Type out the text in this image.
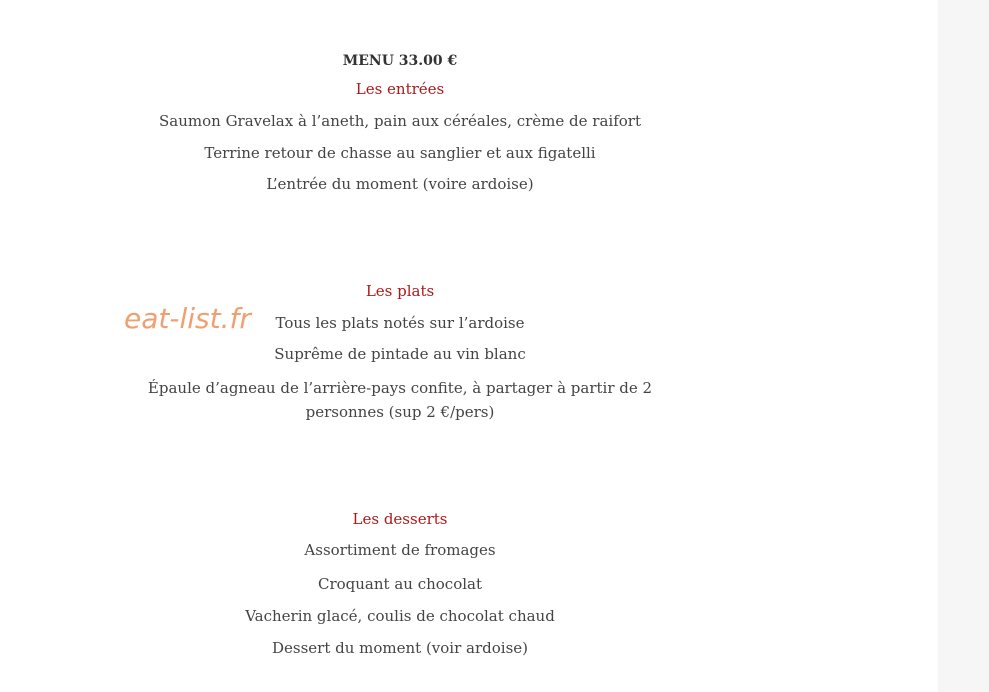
MENU 33.00 €
Les entrées
Saumon Gravelax à l’aneth, pain aux céréales, crème de raifort
Terrine retour de chasse au sanglier et aux figatelli
L’entrée du moment (voire ardoise)
Les plats
Tous les plats notés sur l’ardoise
Suprême de pintade au vin blanc
Épaule d’agneau de l’arrière-pays confite, à partager à partir de 2
personnes (sup 2 €/pers)
Les desserts
Assortiment de fromages
Croquant au chocolat
Vacherin glacé, coulis de chocolat chaud
Dessert du moment (voir ardoise)
eat-list.fr
